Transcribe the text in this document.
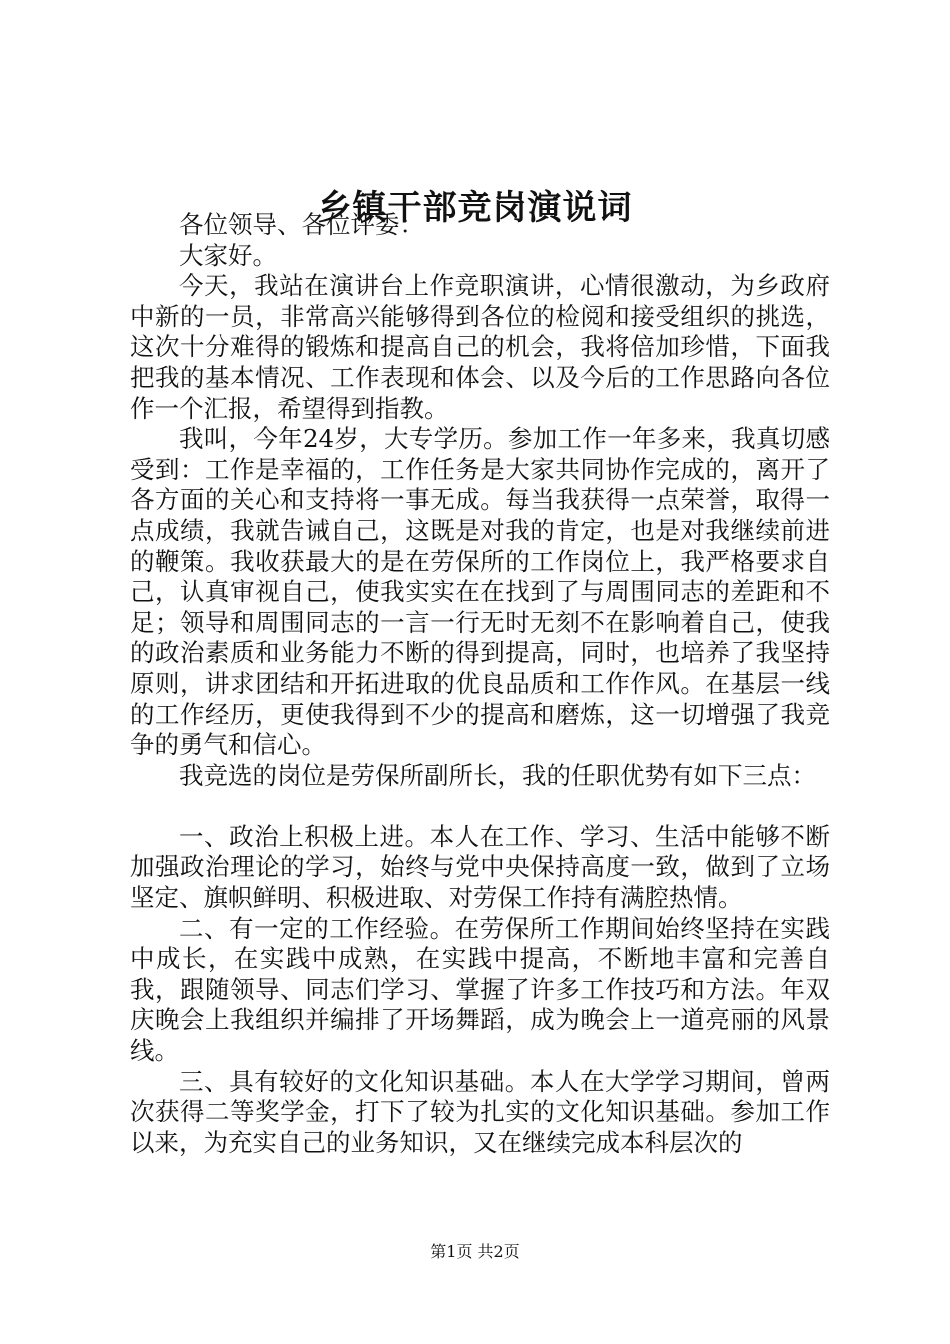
乡镇干部竞岗演说词

各位领导、各位评委：

大家好。

今天，我站在演讲台上作竞职演讲，心情很激动，为乡政府中新的一员，非常高兴能够得到各位的检阅和接受组织的挑选，这次十分难得的锻炼和提高自己的机会，我将倍加珍惜，下面我把我的基本情况、工作表现和体会、以及今后的工作思路向各位作一个汇报，希望得到指教。

我叫，今年24岁，大专学历。参加工作一年多来，我真切感受到：工作是幸福的，工作任务是大家共同协作完成的，离开了各方面的关心和支持将一事无成。每当我获得一点荣誉，取得一点成绩，我就告诫自己，这既是对我的肯定，也是对我继续前进的鞭策。我收获最大的是在劳保所的工作岗位上，我严格要求自己，认真审视自己，使我实实在在找到了与周围同志的差距和不足；领导和周围同志的一言一行无时无刻不在影响着自己，使我的政治素质和业务能力不断的得到提高，同时，也培养了我坚持原则，讲求团结和开拓进取的优良品质和工作作风。在基层一线的工作经历，更使我得到不少的提高和磨炼，这一切增强了我竞争的勇气和信心。

我竞选的岗位是劳保所副所长，我的任职优势有如下三点：

一、政治上积极上进。本人在工作、学习、生活中能够不断加强政治理论的学习，始终与党中央保持高度一致，做到了立场坚定、旗帜鲜明、积极进取、对劳保工作持有满腔热情。

二、有一定的工作经验。在劳保所工作期间始终坚持在实践中成长，在实践中成熟，在实践中提高，不断地丰富和完善自我，跟随领导、同志们学习、掌握了许多工作技巧和方法。年双庆晚会上我组织并编排了开场舞蹈，成为晚会上一道亮丽的风景线。

三、具有较好的文化知识基础。本人在大学学习期间，曾两次获得二等奖学金，打下了较为扎实的文化知识基础。参加工作以来，为充实自己的业务知识，又在继续完成本科层次的

第1页 共2页
